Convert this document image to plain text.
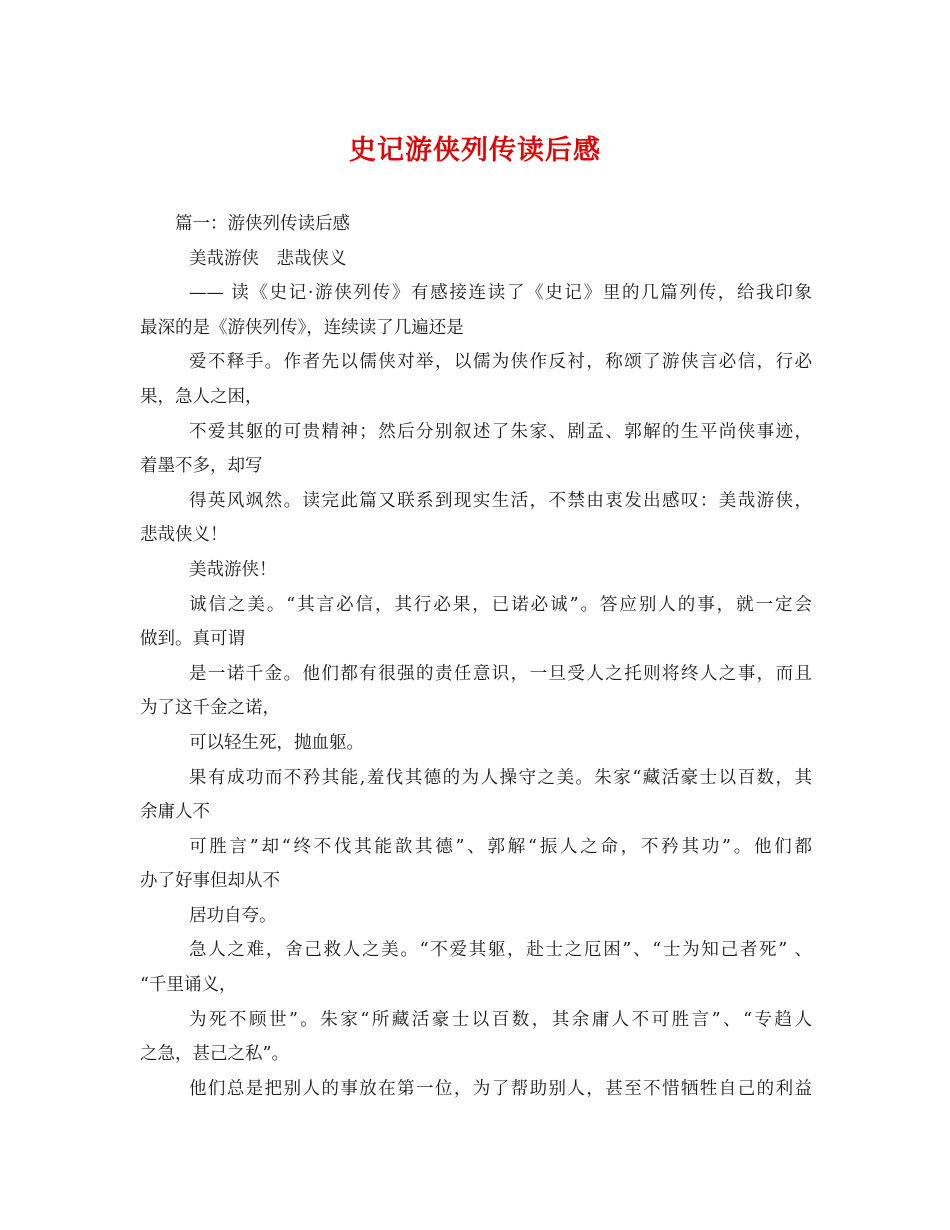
史记游侠列传读后感
篇一：游侠列传读后感
美哉游侠　悲哉侠义
—— 读《史记·游侠列传》有感接连读了《史记》里的几篇列传，给我印象
最深的是《游侠列传》，连续读了几遍还是
爱不释手。作者先以儒侠对举，以儒为侠作反衬，称颂了游侠言必信，行必
果，急人之困，
不爱其躯的可贵精神；然后分别叙述了朱家、剧孟、郭解的生平尚侠事迹，
着墨不多，却写
得英风飒然。读完此篇又联系到现实生活，不禁由衷发出感叹：美哉游侠，
悲哉侠义！
美哉游侠！
诚信之美。“其言必信，其行必果，已诺必诚”。答应别人的事，就一定会
做到。真可谓
是一诺千金。他们都有很强的责任意识，一旦受人之托则将终人之事，而且
为了这千金之诺，
可以轻生死，抛血躯。
果有成功而不矜其能,羞伐其德的为人操守之美。朱家“藏活豪士以百数，其
余庸人不
可胜言”却“终不伐其能歆其德”、郭解“振人之命，不矜其功”。他们都
办了好事但却从不
居功自夸。
急人之难，舍己救人之美。“不爱其躯，赴士之厄困”、“士为知己者死” 、
“千里诵义，
为死不顾世”。朱家“所藏活豪士以百数，其余庸人不可胜言”、“专趋人
之急，甚己之私”。
他们总是把别人的事放在第一位，为了帮助别人，甚至不惜牺牲自己的利益
